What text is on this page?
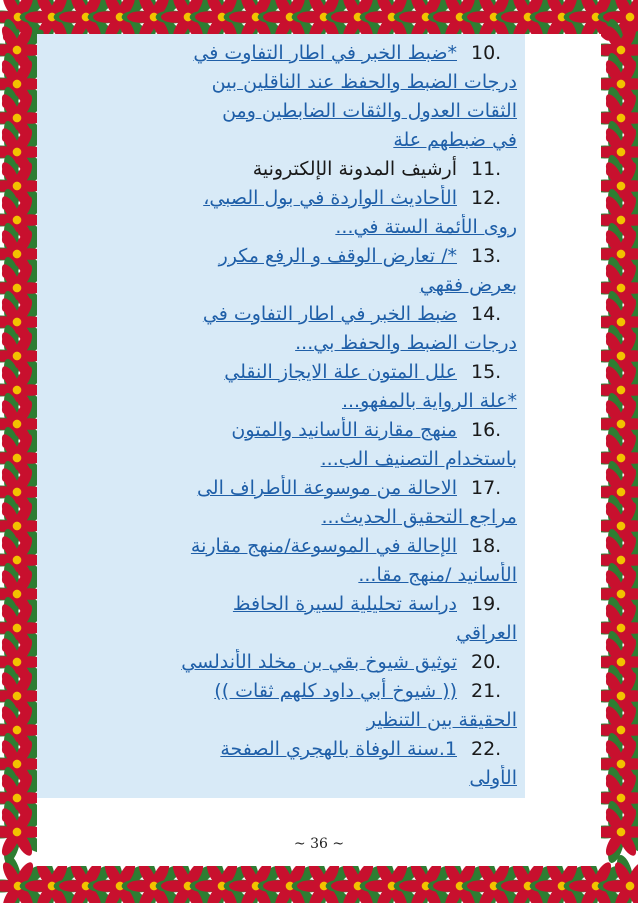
10.*ضبط الخبر في اطار التفاوت في
درجات الضبط والحفظ عند الناقلين بين
الثقات العدول والثقات الضابطين ومن
في ضبطهم علة
11.أرشيف المدونة الإلكترونية
12.الأحاديث الواردة في بول الصبي،
روى الأئمة الستة في...
13.*/ تعارض الوقف و الرفع مكرر
بعرض فقهي
14.ضبط الخبر في اطار التفاوت في
درجات الضبط والحفظ بي...
15.علل المتون علة الايجاز النقلي
*علة الرواية بالمفهو...
16.منهج مقارنة الأسانيد والمتون
باستخدام التصنيف الب...
17.الاحالة من موسوعة الأطراف الى
مراجع التحقيق الحديث...
18.الإحالة في الموسوعة/منهج مقارنة
الأسانيد /منهج مقا...
19.دراسة تحليلية لسيرة الحافظ
العراقي
20.توثيق شيوخ بقي بن مخلد الأندلسي
21.(( شيوخ أبي داود كلهم ثقات ))
الحقيقة بين التنظير
22.1.سنة الوفاة بالهجري الصفحة
الأولى
~ 36 ~
